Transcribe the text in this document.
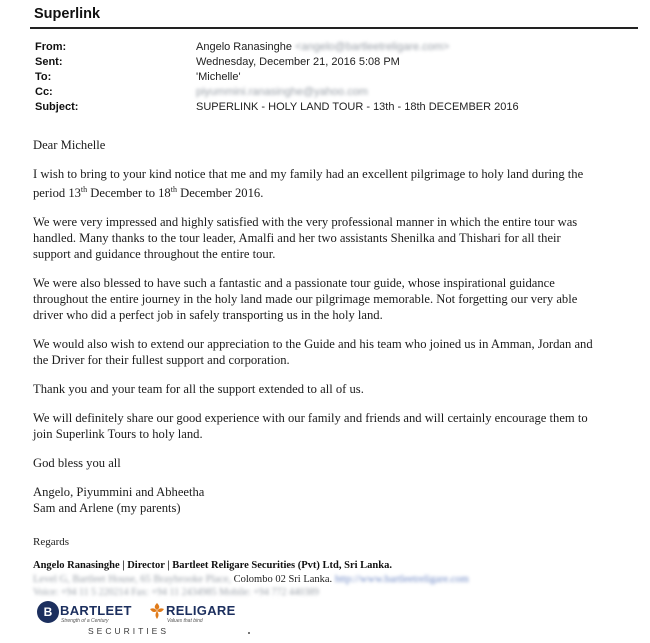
Superlink
From:	Angelo Ranasinghe <angelo@bartleetreligare.com>
Sent:	Wednesday, December 21, 2016 5:08 PM
To:	'Michelle'
Cc:	piyummini.ranasinghe@yahoo.com
Subject:	SUPERLINK - HOLY LAND TOUR - 13th - 18th DECEMBER 2016

Dear Michelle

I wish to bring to your kind notice that me and my family had an excellent pilgrimage to holy land during the period 13th December to 18th December 2016.

We were very impressed and highly satisfied with the very professional manner in which the entire tour was handled. Many thanks to the tour leader, Amalfi and her two assistants Shenilka and Thishari for all their support and guidance throughout the entire tour.

We were also blessed to have such a fantastic and a passionate tour guide, whose inspirational guidance throughout the entire journey in the holy land made our pilgrimage memorable. Not forgetting our very able driver who did a perfect job in safely transporting us in the holy land.

We would also wish to extend our appreciation to the Guide and his team who joined us in Amman, Jordan and the Driver for their fullest support and corporation.

Thank you and your team for all the support extended to all of us.

We will definitely share our good experience with our family and friends and will certainly encourage them to join Superlink Tours to holy land.

God bless you all

Angelo, Piyummini and Abheetha

Sam and Arlene (my parents)

Regards
Angelo Ranasinghe | Director | Bartleet Religare Securities (Pvt) Ltd, Sri Lanka.
Level G, Bartleet House, 65 Braybrooke Place, Colombo 02 Sri Lanka. http://www.bartleetreligare.com
Voice: +94 11 5 220214 Fax: +94 11 2434985 Mobile: +94 772 440389
B BARTLEET
Strength of a Century
RELIGARE
Values that bind
SECURITIES
